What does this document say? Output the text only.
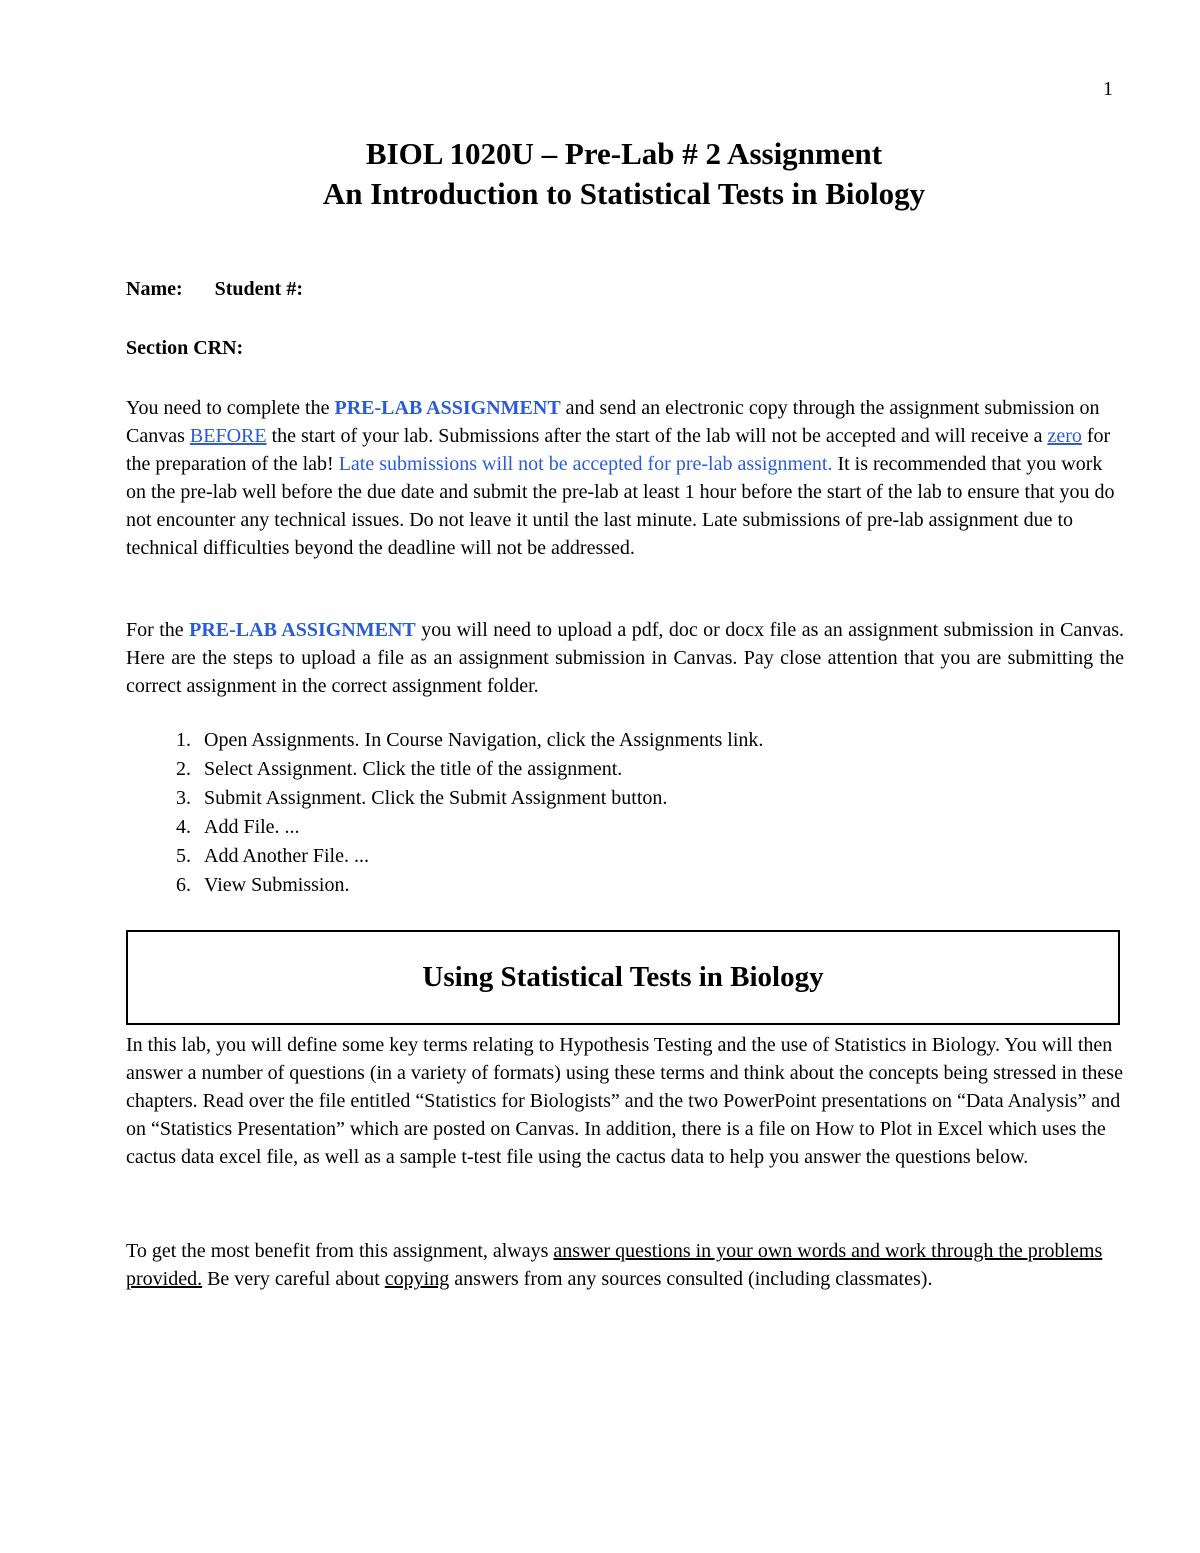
1
BIOL 1020U – Pre-Lab # 2 Assignment
An Introduction to Statistical Tests in Biology
Name: Student #:
Section CRN:

You need to complete the PRE-LAB ASSIGNMENT and send an electronic copy through the assignment submission on Canvas BEFORE the start of your lab. Submissions after the start of the lab will not be accepted and will receive a zero for the preparation of the lab! Late submissions will not be accepted for pre-lab assignment. It is recommended that you work on the pre-lab well before the due date and submit the pre-lab at least 1 hour before the start of the lab to ensure that you do not encounter any technical issues. Do not leave it until the last minute. Late submissions of pre-lab assignment due to technical difficulties beyond the deadline will not be addressed.

For the PRE-LAB ASSIGNMENT you will need to upload a pdf, doc or docx file as an assignment submission in Canvas. Here are the steps to upload a file as an assignment submission in Canvas. Pay close attention that you are submitting the correct assignment in the correct assignment folder.

1. Open Assignments. In Course Navigation, click the Assignments link.
2. Select Assignment. Click the title of the assignment.
3. Submit Assignment. Click the Submit Assignment button.
4. Add File. ...
5. Add Another File. ...
6. View Submission.
Using Statistical Tests in Biology

In this lab, you will define some key terms relating to Hypothesis Testing and the use of Statistics in Biology. You will then answer a number of questions (in a variety of formats) using these terms and think about the concepts being stressed in these chapters. Read over the file entitled “Statistics for Biologists” and the two PowerPoint presentations on “Data Analysis” and on “Statistics Presentation” which are posted on Canvas. In addition, there is a file on How to Plot in Excel which uses the cactus data excel file, as well as a sample t-test file using the cactus data to help you answer the questions below.

To get the most benefit from this assignment, always answer questions in your own words and work through the problems provided. Be very careful about copying answers from any sources consulted (including classmates).
